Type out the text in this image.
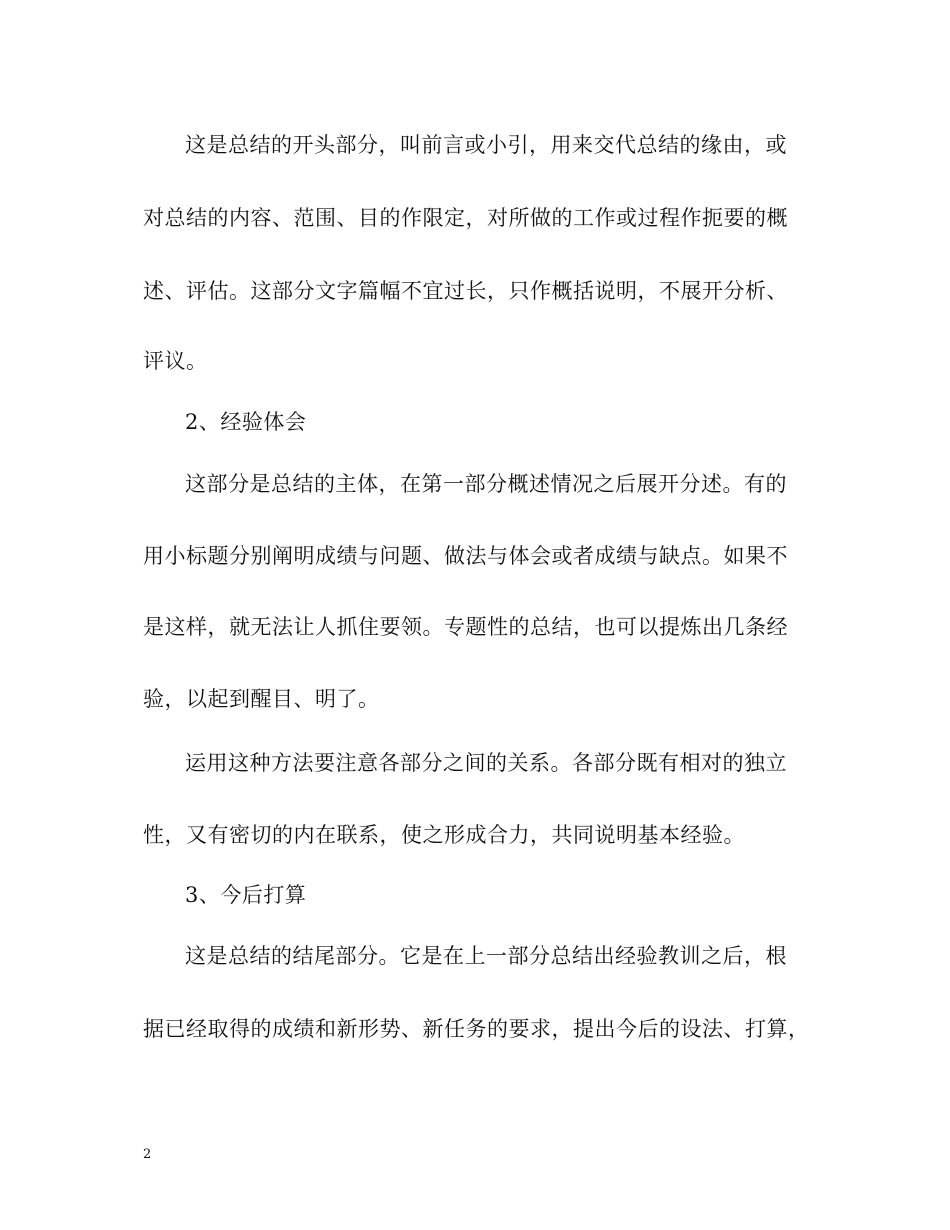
这是总结的开头部分，叫前言或小引，用来交代总结的缘由，或
对总结的内容、范围、目的作限定，对所做的工作或过程作扼要的概
述、评估。这部分文字篇幅不宜过长，只作概括说明，不展开分析、
评议。
2、经验体会
这部分是总结的主体，在第一部分概述情况之后展开分述。有的
用小标题分别阐明成绩与问题、做法与体会或者成绩与缺点。如果不
是这样，就无法让人抓住要领。专题性的总结，也可以提炼出几条经
验，以起到醒目、明了。
运用这种方法要注意各部分之间的关系。各部分既有相对的独立
性，又有密切的内在联系，使之形成合力，共同说明基本经验。
3、今后打算
这是总结的结尾部分。它是在上一部分总结出经验教训之后，根
据已经取得的成绩和新形势、新任务的要求，提出今后的设法、打算，
2
